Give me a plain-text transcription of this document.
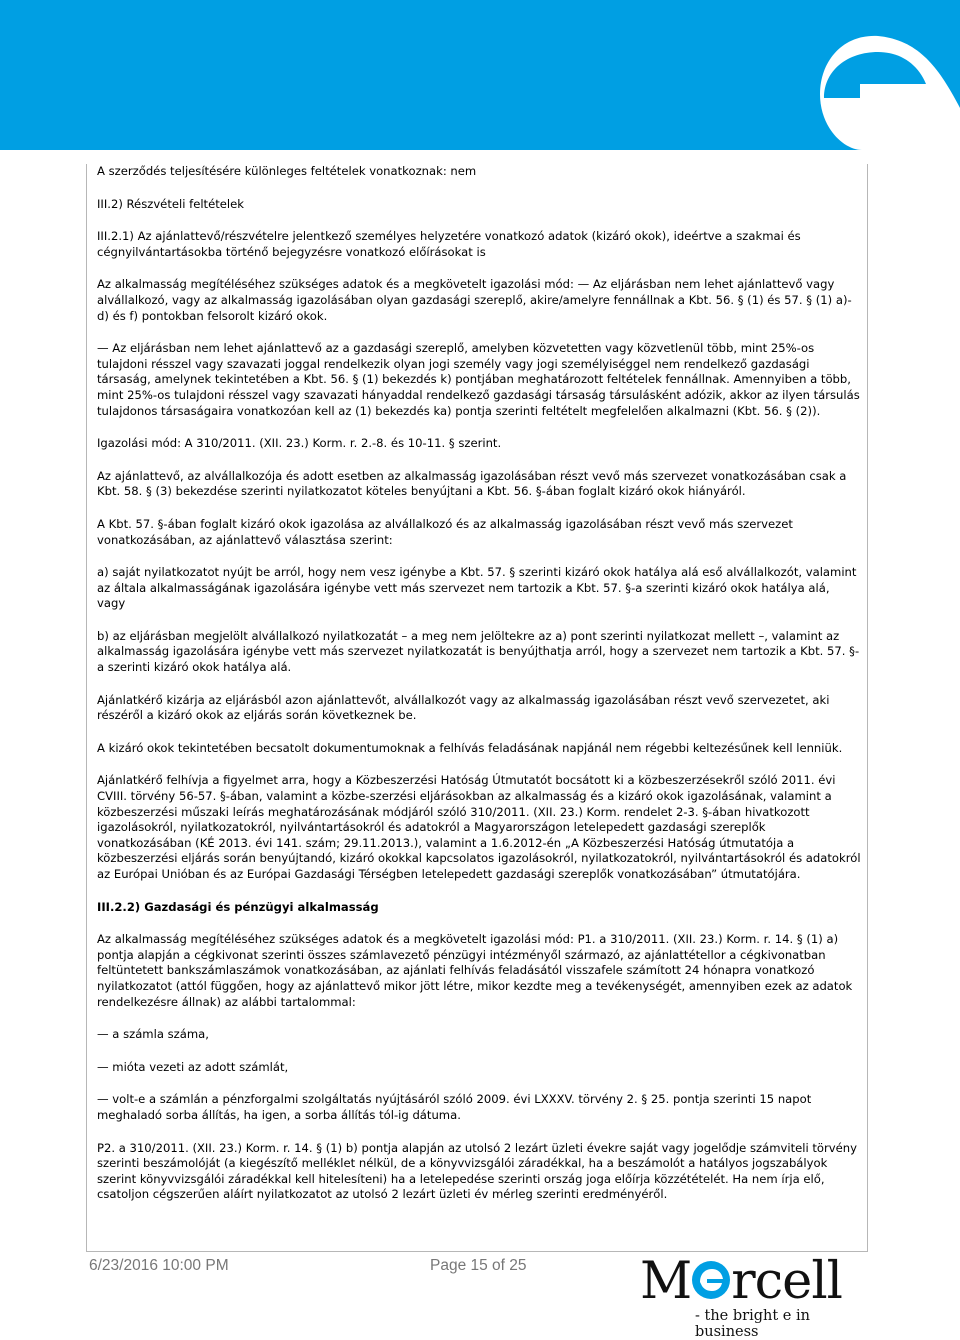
A szerződés teljesítésére különleges feltételek vonatkoznak: nem

III.2) Részvételi feltételek

III.2.1) Az ajánlattevő/részvételre jelentkező személyes helyzetére vonatkozó adatok (kizáró okok), ideértve a szakmai és cégnyilvántartásokba történő bejegyzésre vonatkozó előírásokat is

Az alkalmasság megítéléséhez szükséges adatok és a megkövetelt igazolási mód: — Az eljárásban nem lehet ajánlattevő vagy alvállalkozó, vagy az alkalmasság igazolásában olyan gazdasági szereplő, akire/amelyre fennállnak a Kbt. 56. § (1) és 57. § (1) a)-d) és f) pontokban felsorolt kizáró okok.

— Az eljárásban nem lehet ajánlattevő az a gazdasági szereplő, amelyben közvetetten vagy közvetlenül több, mint 25%-os tulajdoni résszel vagy szavazati joggal rendelkezik olyan jogi személy vagy jogi személyiséggel nem rendelkező gazdasági társaság, amelynek tekintetében a Kbt. 56. § (1) bekezdés k) pontjában meghatározott feltételek fennállnak. Amennyiben a több, mint 25%-os tulajdoni résszel vagy szavazati hányaddal rendelkező gazdasági társaság társulásként adózik, akkor az ilyen társulás tulajdonos társaságaira vonatkozóan kell az (1) bekezdés ka) pontja szerinti feltételt megfelelően alkalmazni (Kbt. 56. § (2)).

Igazolási mód: A 310/2011. (XII. 23.) Korm. r. 2.-8. és 10-11. § szerint.

Az ajánlattevő, az alvállalkozója és adott esetben az alkalmasság igazolásában részt vevő más szervezet vonatkozásában csak a Kbt. 58. § (3) bekezdése szerinti nyilatkozatot köteles benyújtani a Kbt. 56. §-ában foglalt kizáró okok hiányáról.

A Kbt. 57. §-ában foglalt kizáró okok igazolása az alvállalkozó és az alkalmasság igazolásában részt vevő más szervezet vonatkozásában, az ajánlattevő választása szerint:

a) saját nyilatkozatot nyújt be arról, hogy nem vesz igénybe a Kbt. 57. § szerinti kizáró okok hatálya alá eső alvállalkozót, valamint az általa alkalmasságának igazolására igénybe vett más szervezet nem tartozik a Kbt. 57. §-a szerinti kizáró okok hatálya alá, vagy

b) az eljárásban megjelölt alvállalkozó nyilatkozatát – a meg nem jelöltekre az a) pont szerinti nyilatkozat mellett –, valamint az alkalmasság igazolására igénybe vett más szervezet nyilatkozatát is benyújthatja arról, hogy a szervezet nem tartozik a Kbt. 57. §-a szerinti kizáró okok hatálya alá.

Ajánlatkérő kizárja az eljárásból azon ajánlattevőt, alvállalkozót vagy az alkalmasság igazolásában részt vevő szervezetet, aki részéről a kizáró okok az eljárás során következnek be.

A kizáró okok tekintetében becsatolt dokumentumoknak a felhívás feladásának napjánál nem régebbi keltezésűnek kell lenniük.

Ajánlatkérő felhívja a figyelmet arra, hogy a Közbeszerzési Hatóság Útmutatót bocsátott ki a közbeszerzésekről szóló 2011. évi CVIII. törvény 56-57. §-ában, valamint a közbe-szerzési eljárásokban az alkalmasság és a kizáró okok igazolásának, valamint a közbeszerzési műszaki leírás meghatározásának módjáról szóló 310/2011. (XII. 23.) Korm. rendelet 2-3. §-ában hivatkozott igazolásokról, nyilatkozatokról, nyilvántartásokról és adatokról a Magyarországon letelepedett gazdasági szereplők vonatkozásában (KÉ 2013. évi 141. szám; 29.11.2013.), valamint a 1.6.2012-én „A Közbeszerzési Hatóság útmutatója a közbeszerzési eljárás során benyújtandó, kizáró okokkal kapcsolatos igazolásokról, nyilatkozatokról, nyilvántartásokról és adatokról az Európai Unióban és az Európai Gazdasági Térségben letelepedett gazdasági szereplők vonatkozásában” útmutatójára.

III.2.2) Gazdasági és pénzügyi alkalmasság

Az alkalmasság megítéléséhez szükséges adatok és a megkövetelt igazolási mód: P1. a 310/2011. (XII. 23.) Korm. r. 14. § (1) a) pontja alapján a cégkivonat szerinti összes számlavezető pénzügyi intézményől származó, az ajánlattétellor a cégkivonatban feltüntetett bankszámlaszámok vonatkozásában, az ajánlati felhívás feladásától visszafele számított 24 hónapra vonatkozó nyilatkozatot (attól függően, hogy az ajánlattevő mikor jött létre, mikor kezdte meg a tevékenységét, amennyiben ezek az adatok rendelkezésre állnak) az alábbi tartalommal:

— a számla száma,

— mióta vezeti az adott számlát,

— volt-e a számlán a pénzforgalmi szolgáltatás nyújtásáról szóló 2009. évi LXXXV. törvény 2. § 25. pontja szerinti 15 napot meghaladó sorba állítás, ha igen, a sorba állítás tól-ig dátuma.

P2. a 310/2011. (XII. 23.) Korm. r. 14. § (1) b) pontja alapján az utolsó 2 lezárt üzleti évekre saját vagy jogelődje számviteli törvény szerinti beszámolóját (a kiegészítő melléklet nélkül, de a könyvvizsgálói záradékkal, ha a beszámolót a hatályos jogszabályok szerint könyvvizsgálói záradékkal kell hitelesíteni) ha a letelepedése szerinti ország joga előírja közzétételét. Ha nem írja elő, csatoljon cégszerűen aláírt nyilatkozatot az utolsó 2 lezárt üzleti év mérleg szerinti eredményéről.

6/23/2016 10:00 PM	Page 15 of 25 M rcell
- the bright e in business
